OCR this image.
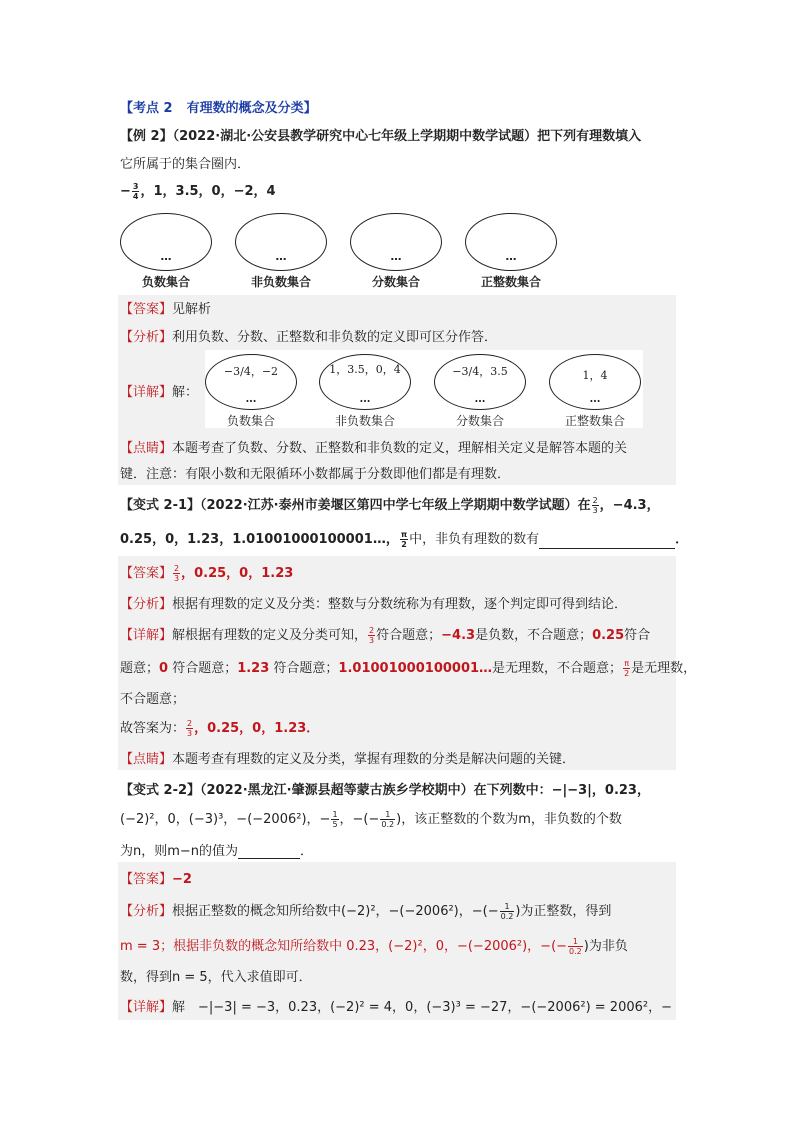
【考点 2 有理数的概念及分类】
【例 2】（2022·湖北·公安县教学研究中心七年级上学期期中数学试题）把下列有理数填入
它所属于的集合圈内．
− $\frac{3}{4}$ ，1，3.5，0，−2，4
…
负数集合
…
非负数集合
…
分数集合
…
正整数集合
【答案】见解析
【分析】利用负数、分数、正整数和非负数的定义即可区分作答．
【详解】解：
−3/4，−2
…
负数集合
1，3.5，0，4
…
非负数集合
−3/4，3.5
…
分数集合
1，4
…
正整数集合
【点睛】本题考查了负数、分数、正整数和非负数的定义，理解相关定义是解答本题的关
键．注意：有限小数和无限循环小数都属于分数即他们都是有理数．
【变式 2-1】（2022·江苏·泰州市姜堰区第四中学七年级上学期期中数学试题）在 $\frac{2}{3}$ ，−4.3，
0.25，0，1.23，1.01001000100001…， $\frac{\pi}{2}$ 中，非负有理数的数有	．
【答案】 $\frac{2}{3}$ ，0.25，0，1.23
【分析】根据有理数的定义及分类：整数与分数统称为有理数，逐个判定即可得到结论．
【详解】解根据有理数的定义及分类可知， $\frac{2}{3}$ 符合题意；−4.3是负数，不合题意；0.25符合
题意；0 符合题意；1.23 符合题意；1.01001000100001…是无理数，不合题意； $\frac{\pi}{2}$ 是无理数，
不合题意；
故答案为： $\frac{2}{3}$ ，0.25，0，1.23．
【点睛】本题考查有理数的定义及分类，掌握有理数的分类是解决问题的关键．
【变式 2-2】（2022·黑龙江·肇源县超等蒙古族乡学校期中）在下列数中：−|−3|，0.23，
(−2)²，0，(−3)³，−(−2006²)，− $\frac{1}{5}$ ，−(− $\frac{1}{0.2}$ )，该正整数的个数为m，非负数的个数
为n，则m−n的值为	．
【答案】−2
【分析】根据正整数的概念知所给数中(−2)²，−(−2006²)，−(− $\frac{1}{0.2}$ )为正整数，得到
m = 3；根据非负数的概念知所给数中 0.23，(−2)²，0，−(−2006²)，−(− $\frac{1}{0.2}$ )为非负
数，得到n = 5，代入求值即可．
【详解】解　−|−3| = −3，0.23，(−2)² = 4，0，(−3)³ = −27，−(−2006²) = 2006²，−
